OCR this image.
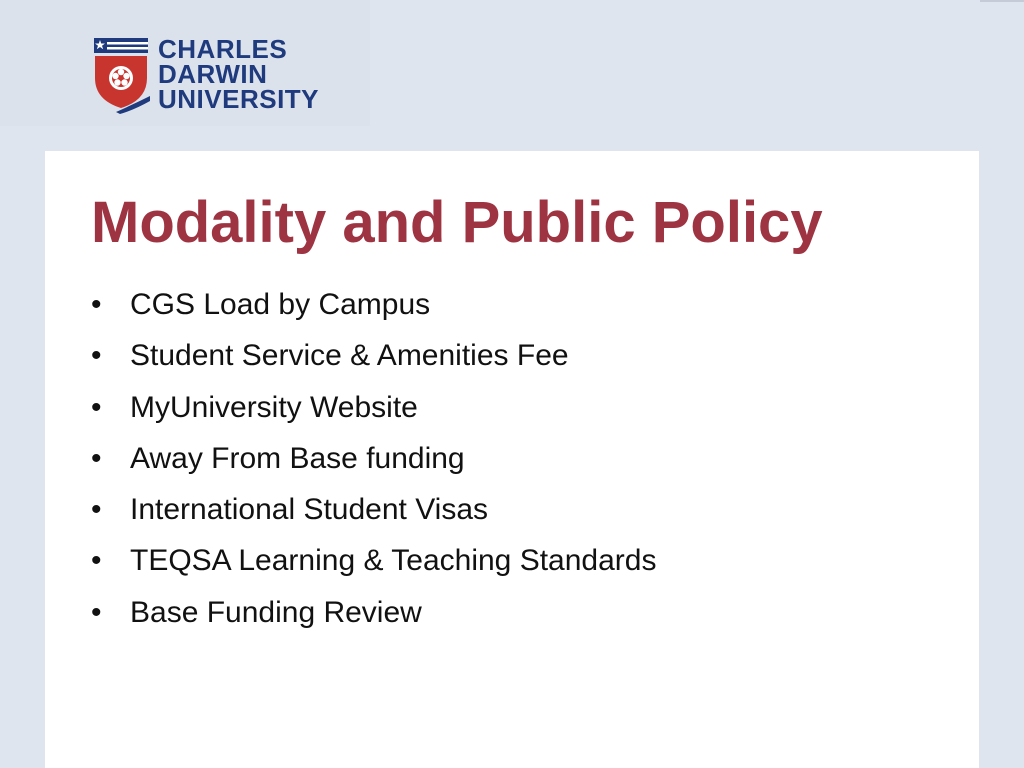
CHARLES
DARWIN
UNIVERSITY
Modality and Public Policy
• CGS Load by Campus
• Student Service & Amenities Fee
• MyUniversity Website
• Away From Base funding
• International Student Visas
• TEQSA Learning & Teaching Standards
• Base Funding Review
